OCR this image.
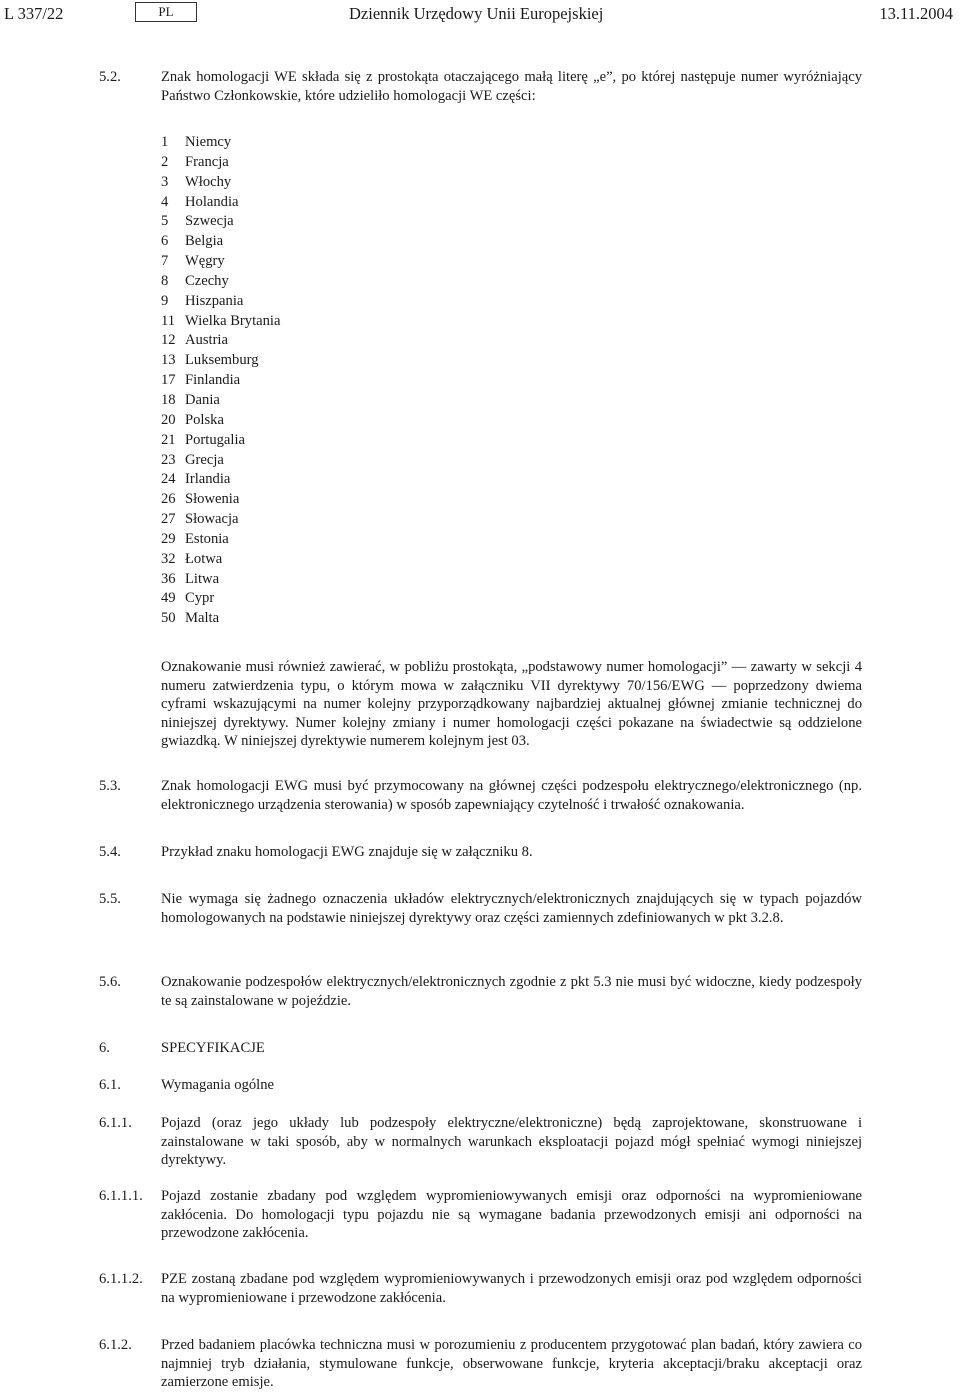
L 337/22	PL	Dziennik Urzędowy Unii Europejskiej	13.11.2004
5.2.	Znak homologacji WE składa się z prostokąta otaczającego małą literę „e”, po której następuje numer wyróżniający Państwo Członkowskie, które udzieliło homologacji WE części:

1 Niemcy
2 Francja
3 Włochy
4 Holandia
5 Szwecja
6 Belgia
7 Węgry
8 Czechy
9 Hiszpania
11 Wielka Brytania
12 Austria
13 Luksemburg
17 Finlandia
18 Dania
20 Polska
21 Portugalia
23 Grecja
24 Irlandia
26 Słowenia
27 Słowacja
29 Estonia
32 Łotwa
36 Litwa
49 Cypr
50 Malta

Oznakowanie musi również zawierać, w pobliżu prostokąta, „podstawowy numer homologacji” — zawarty w sekcji 4 numeru zatwierdzenia typu, o którym mowa w załączniku VII dyrektywy 70/156/EWG — poprzedzony dwiema cyframi wskazującymi na numer kolejny przyporządkowany najbardziej aktualnej głównej zmianie technicznej do niniejszej dyrektywy. Numer kolejny zmiany i numer homologacji części pokazane na świadectwie są oddzielone gwiazdką. W niniejszej dyrektywie numerem kolejnym jest 03.

5.3.	Znak homologacji EWG musi być przymocowany na głównej części podzespołu elektrycznego/elektronicznego (np. elektronicznego urządzenia sterowania) w sposób zapewniający czytelność i trwałość oznakowania.

5.4.	Przykład znaku homologacji EWG znajduje się w załączniku 8.

5.5.	Nie wymaga się żadnego oznaczenia układów elektrycznych/elektronicznych znajdujących się w typach pojazdów homologowanych na podstawie niniejszej dyrektywy oraz części zamiennych zdefiniowanych w pkt 3.2.8.

5.6.	Oznakowanie podzespołów elektrycznych/elektronicznych zgodnie z pkt 5.3 nie musi być widoczne, kiedy podzespoły te są zainstalowane w pojeździe.

6.	SPECYFIKACJE

6.1.	Wymagania ogólne

6.1.1. Pojazd (oraz jego układy lub podzespoły elektryczne/elektroniczne) będą zaprojektowane, skonstruowane i zainstalowane w taki sposób, aby w normalnych warunkach eksploatacji pojazd mógł spełniać wymogi niniejszej dyrektywy.

6.1.1.1. Pojazd zostanie zbadany pod względem wypromieniowywanych emisji oraz odporności na wypromieniowane zakłócenia. Do homologacji typu pojazdu nie są wymagane badania przewodzonych emisji ani odporności na przewodzone zakłócenia.

6.1.1.2. PZE zostaną zbadane pod względem wypromieniowywanych i przewodzonych emisji oraz pod względem odporności na wypromieniowane i przewodzone zakłócenia.

6.1.2. Przed badaniem placówka techniczna musi w porozumieniu z producentem przygotować plan badań, który zawiera co najmniej tryb działania, stymulowane funkcje, obserwowane funkcje, kryteria akceptacji/braku akceptacji oraz zamierzone emisje.
